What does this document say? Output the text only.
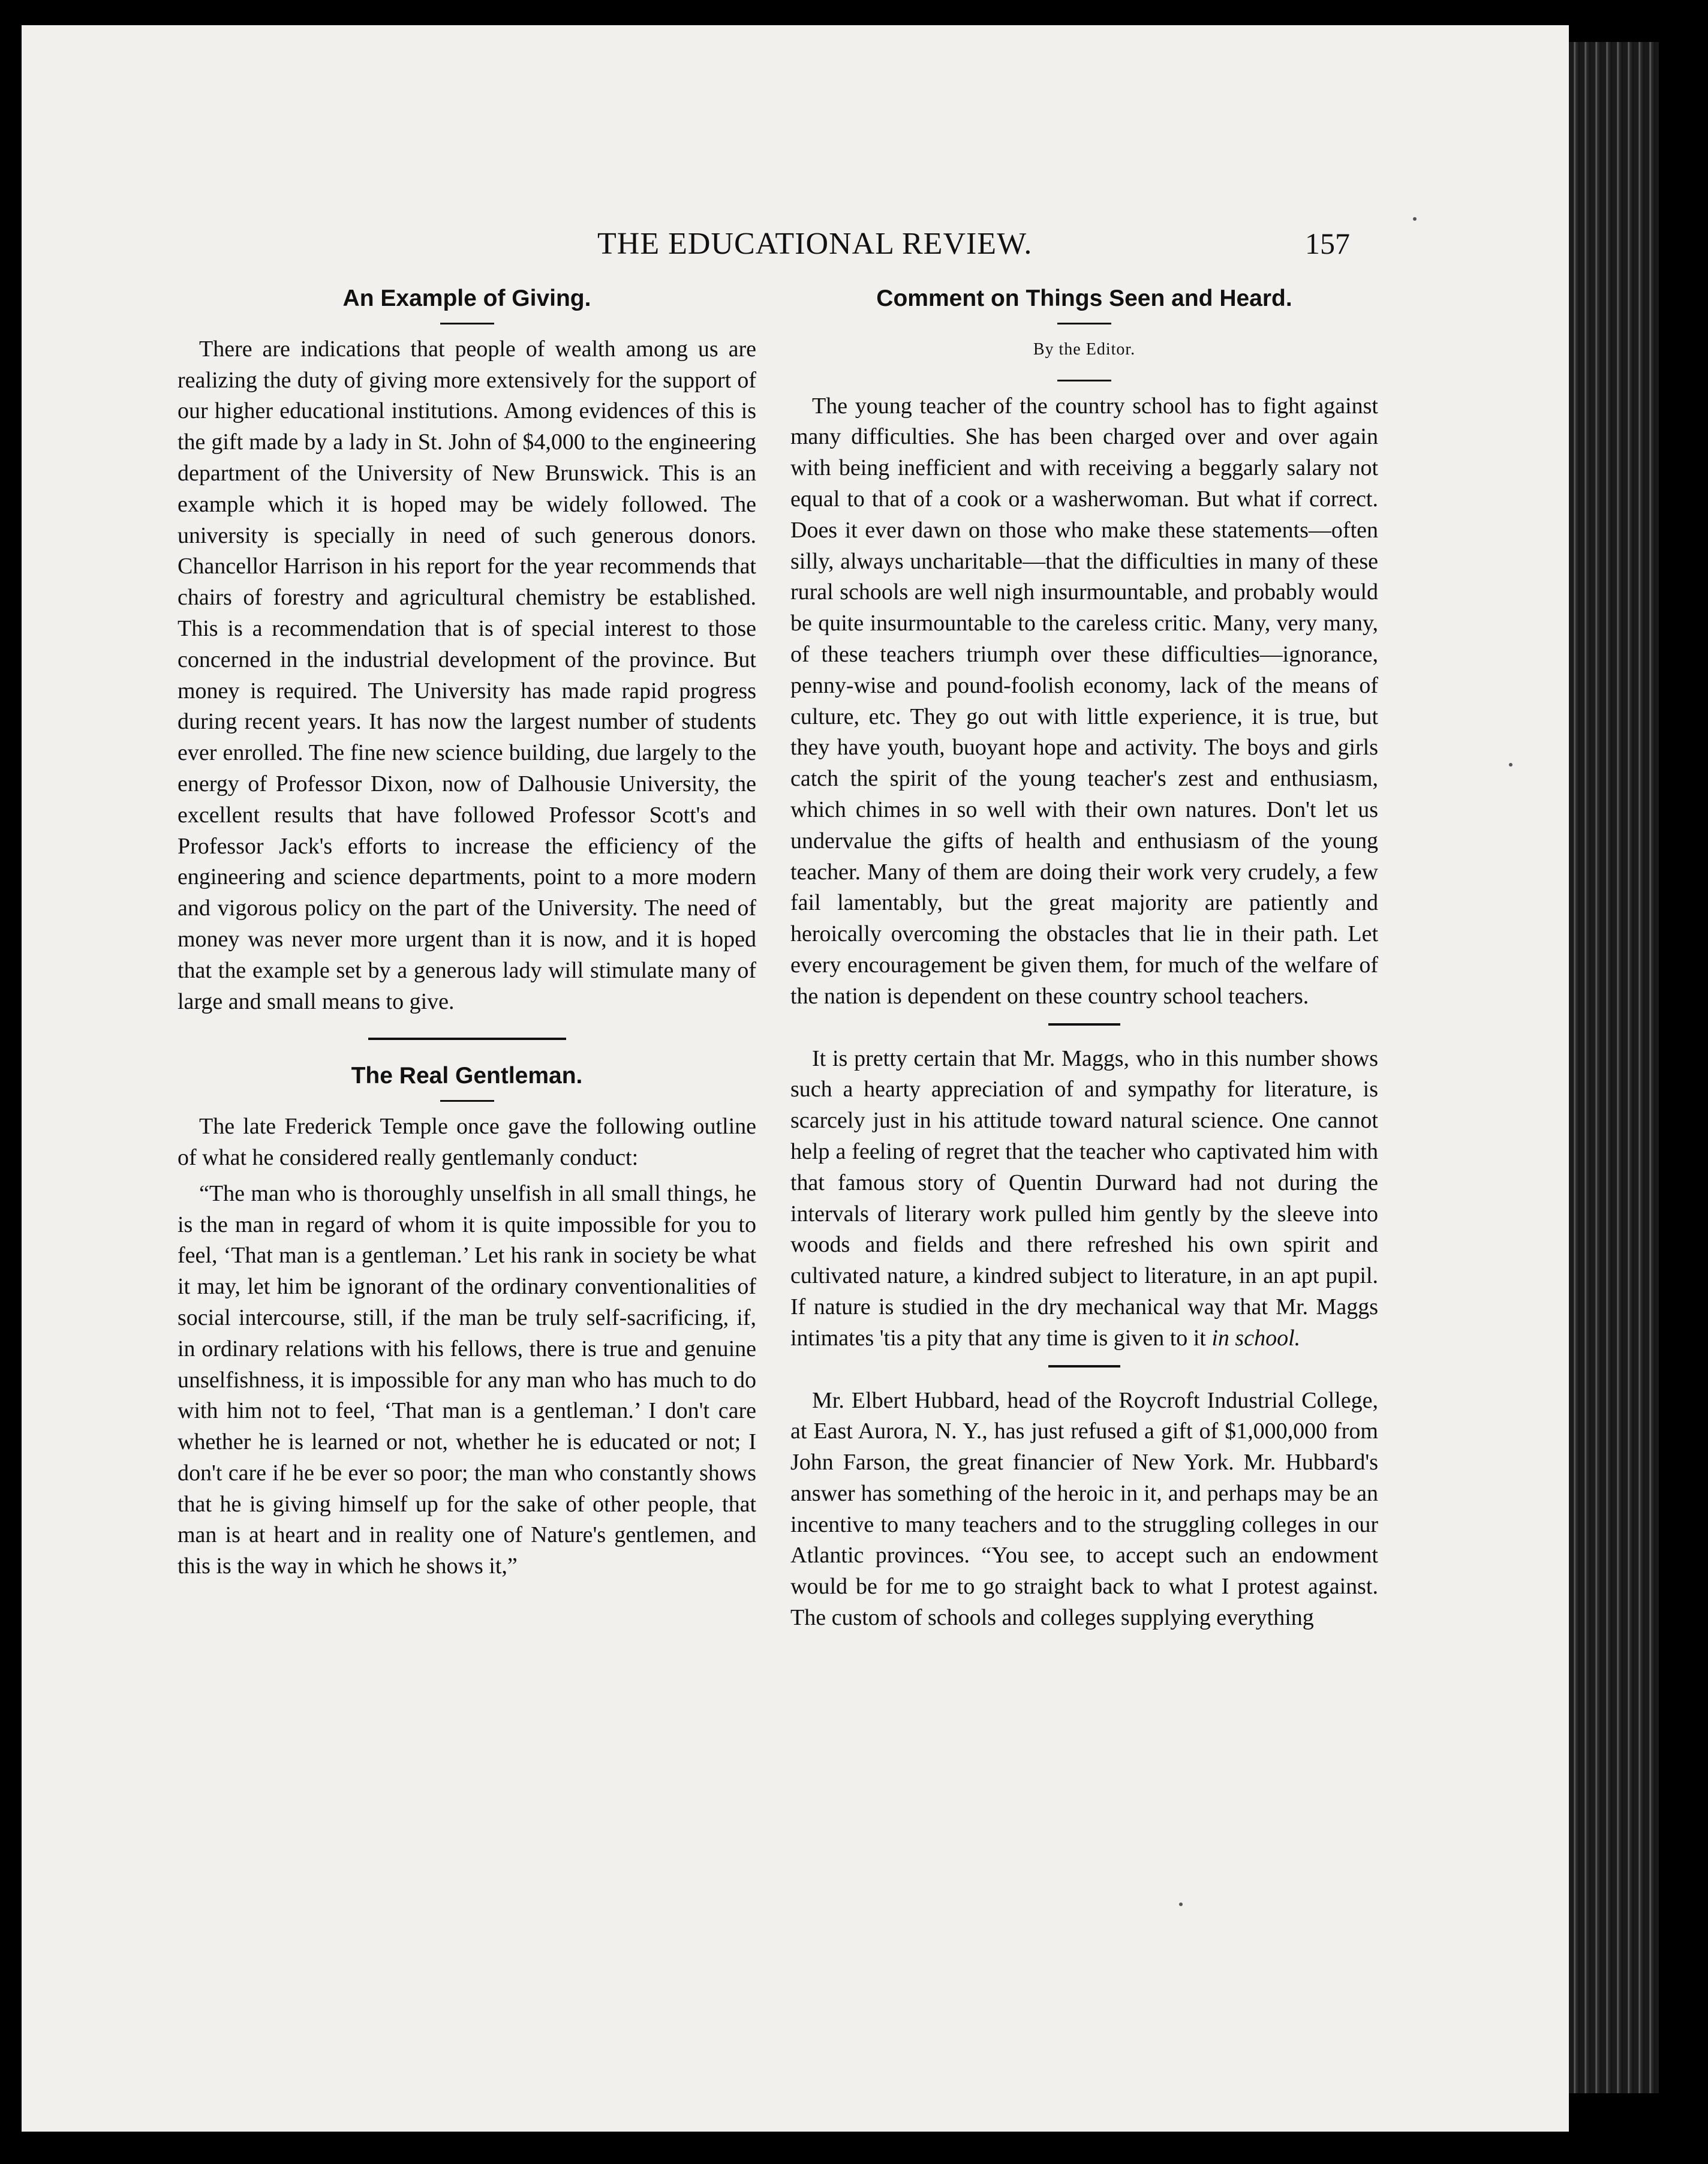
THE EDUCATIONAL REVIEW.	157
An Example of Giving.

There are indications that people of wealth among us are realizing the duty of giving more extensively for the support of our higher educational institutions. Among evidences of this is the gift made by a lady in St. John of $4,000 to the engineering department of the University of New Brunswick. This is an example which it is hoped may be widely followed. The university is specially in need of such generous donors. Chancellor Harrison in his report for the year recommends that chairs of forestry and agricultural chemistry be established. This is a recommendation that is of special interest to those concerned in the industrial development of the province. But money is required. The University has made rapid progress during recent years. It has now the largest number of students ever enrolled. The fine new science building, due largely to the energy of Professor Dixon, now of Dalhousie University, the excellent results that have followed Professor Scott's and Professor Jack's efforts to increase the efficiency of the engineering and science departments, point to a more modern and vigorous policy on the part of the University. The need of money was never more urgent than it is now, and it is hoped that the example set by a generous lady will stimulate many of large and small means to give.

The Real Gentleman.

The late Frederick Temple once gave the following outline of what he considered really gentlemanly conduct:

“The man who is thoroughly unselfish in all small things, he is the man in regard of whom it is quite impossible for you to feel, ‘That man is a gentleman.’ Let his rank in society be what it may, let him be ignorant of the ordinary conventionalities of social intercourse, still, if the man be truly self-sacrificing, if, in ordinary relations with his fellows, there is true and genuine unselfishness, it is impossible for any man who has much to do with him not to feel, ‘That man is a gentleman.’ I don't care whether he is learned or not, whether he is educated or not; I don't care if he be ever so poor; the man who constantly shows that he is giving himself up for the sake of other people, that man is at heart and in reality one of Nature's gentlemen, and this is the way in which he shows it,”

Comment on Things Seen and Heard.
By the Editor.

The young teacher of the country school has to fight against many difficulties. She has been charged over and over again with being inefficient and with receiving a beggarly salary not equal to that of a cook or a washerwoman. But what if correct. Does it ever dawn on those who make these statements—often silly, always uncharitable—that the difficulties in many of these rural schools are well nigh insurmountable, and probably would be quite insurmountable to the careless critic. Many, very many, of these teachers triumph over these difficulties—ignorance, penny-wise and pound-foolish economy, lack of the means of culture, etc. They go out with little experience, it is true, but they have youth, buoyant hope and activity. The boys and girls catch the spirit of the young teacher's zest and enthusiasm, which chimes in so well with their own natures. Don't let us undervalue the gifts of health and enthusiasm of the young teacher. Many of them are doing their work very crudely, a few fail lamentably, but the great majority are patiently and heroically overcoming the obstacles that lie in their path. Let every encouragement be given them, for much of the welfare of the nation is dependent on these country school teachers.

It is pretty certain that Mr. Maggs, who in this number shows such a hearty appreciation of and sympathy for literature, is scarcely just in his attitude toward natural science. One cannot help a feeling of regret that the teacher who captivated him with that famous story of Quentin Durward had not during the intervals of literary work pulled him gently by the sleeve into woods and fields and there refreshed his own spirit and cultivated nature, a kindred subject to literature, in an apt pupil. If nature is studied in the dry mechanical way that Mr. Maggs intimates 'tis a pity that any time is given to it in school.

Mr. Elbert Hubbard, head of the Roycroft Industrial College, at East Aurora, N. Y., has just refused a gift of $1,000,000 from John Farson, the great financier of New York. Mr. Hubbard's answer has something of the heroic in it, and perhaps may be an incentive to many teachers and to the struggling colleges in our Atlantic provinces. “You see, to accept such an endowment would be for me to go straight back to what I protest against. The custom of schools and colleges supplying everything
